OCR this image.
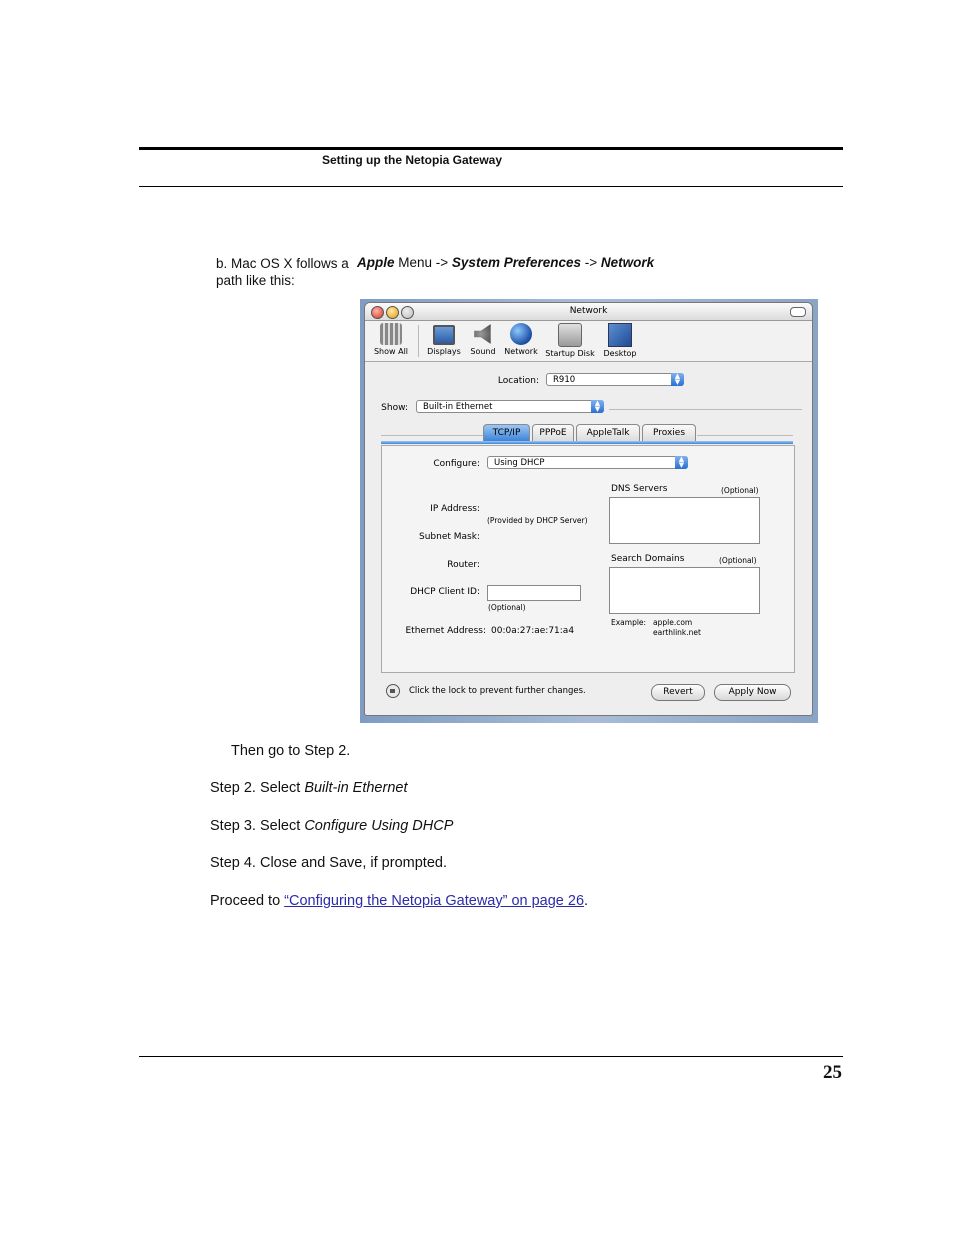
Setting up the Netopia Gateway
b. Mac OS X follows a path like this:
Apple Menu -> System Preferences -> Network
Network
Show All	Displays	Sound	Network Startup Disk	Desktop
Location:	R910	▲
▼
Show:	Built-in Ethernet	▲
▼
TCP/IP	PPPoE	AppleTalk	Proxies
Configure:	Using DHCP	▲
▼
IP Address:
(Provided by DHCP Server)
Subnet Mask:
Router:
DHCP Client ID:
(Optional)
Ethernet Address: 00:0a:27:ae:71:a4
DNS Servers	(Optional)
Search Domains	(Optional)
Example: apple.com
earthlink.net
Click the lock to prevent further changes.	Revert	Apply Now
Then go to Step 2.
Step 2. Select Built-in Ethernet
Step 3. Select Configure Using DHCP
Step 4. Close and Save, if prompted.
Proceed to “Configuring the Netopia Gateway” on page 26.
25
